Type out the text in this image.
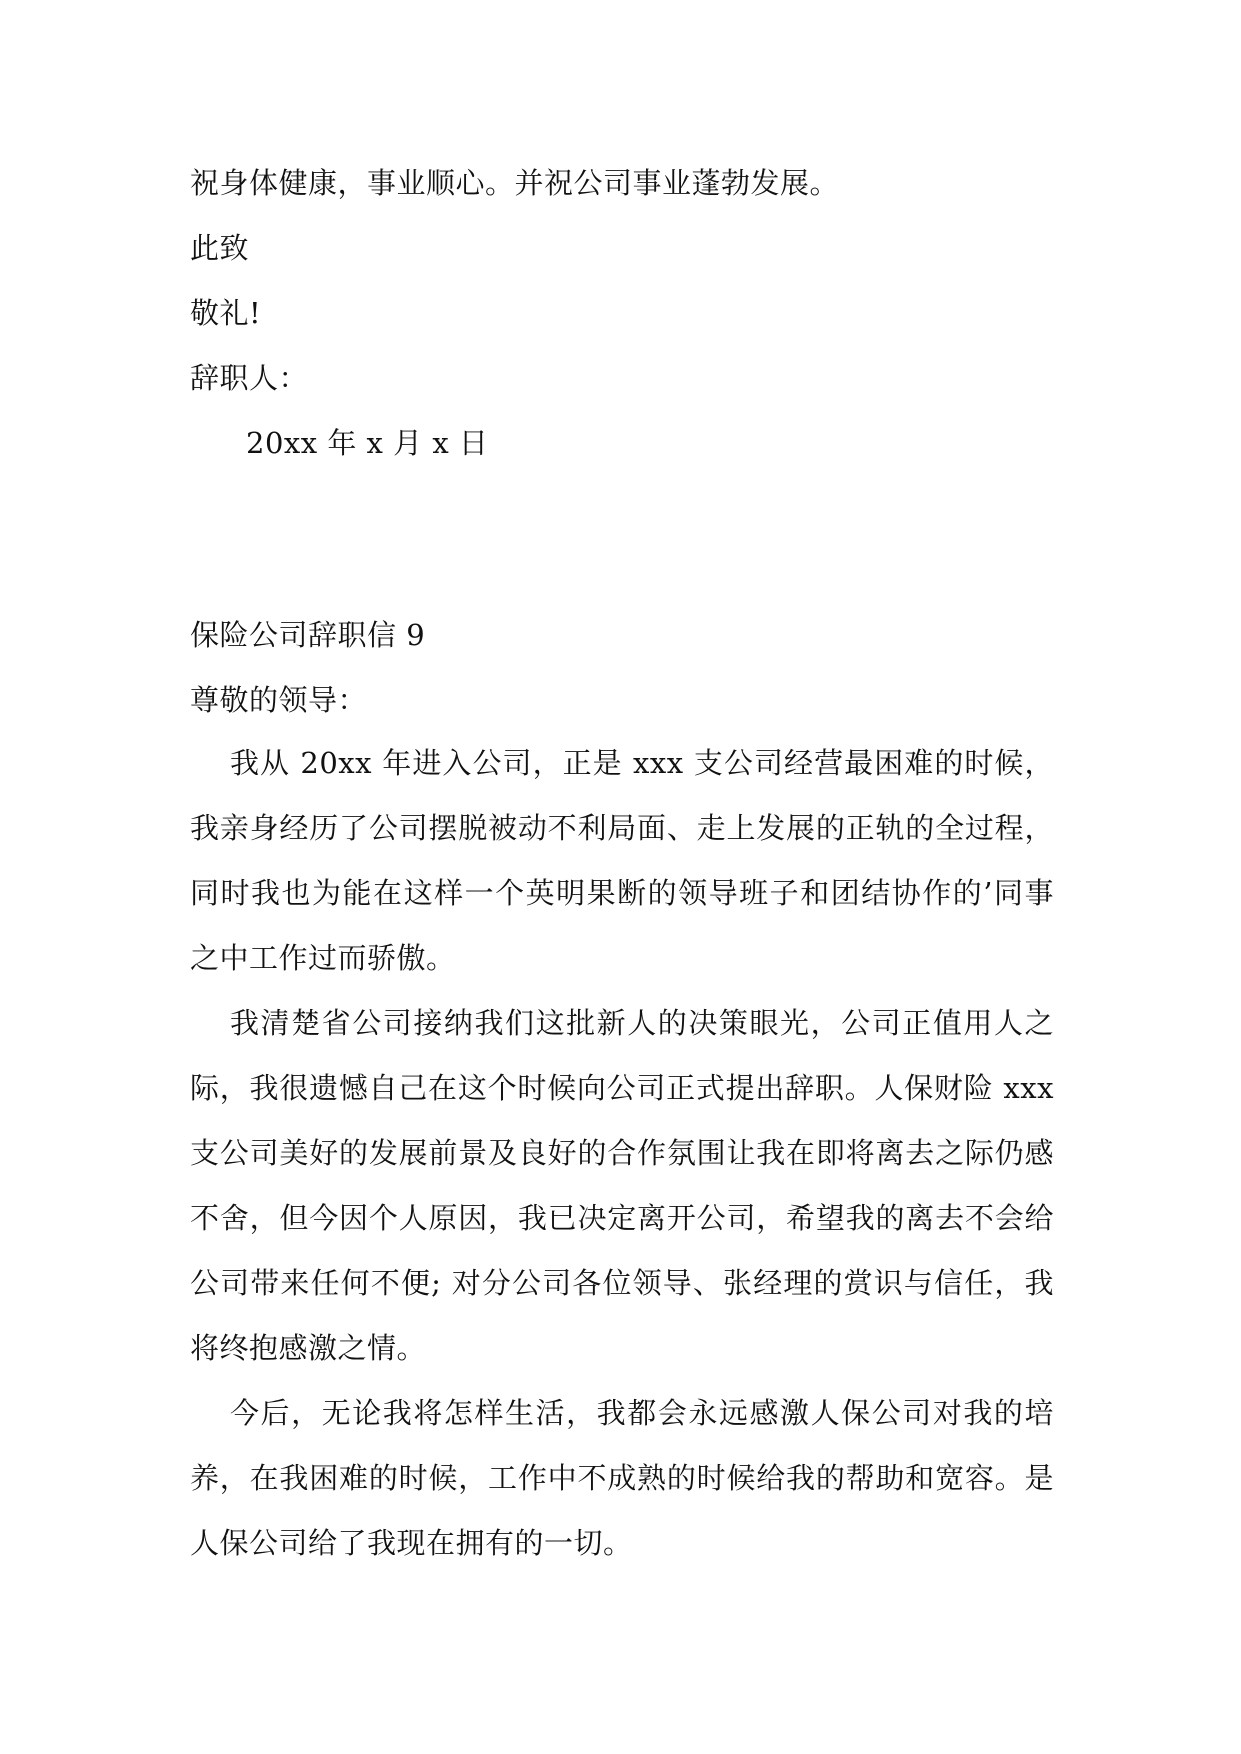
祝身体健康，事业顺心。并祝公司事业蓬勃发展。
此致
敬礼!
辞职人：
20xx 年 x 月 x 日
保险公司辞职信 9
尊敬的领导：
我从 20xx 年进入公司，正是 xxx 支公司经营最困难的时候，我亲身经历了公司摆脱被动不利局面、走上发展的正轨的全过程，同时我也为能在这样一个英明果断的领导班子和团结协作的’同事之中工作过而骄傲。
我清楚省公司接纳我们这批新人的决策眼光，公司正值用人之际，我很遗憾自己在这个时候向公司正式提出辞职。人保财险 xxx 支公司美好的发展前景及良好的合作氛围让我在即将离去之际仍感不舍，但今因个人原因，我已决定离开公司，希望我的离去不会给公司带来任何不便; 对分公司各位领导、张经理的赏识与信任，我将终抱感激之情。
今后，无论我将怎样生活，我都会永远感激人保公司对我的培养，在我困难的时候，工作中不成熟的时候给我的帮助和宽容。是人保公司给了我现在拥有的一切。
